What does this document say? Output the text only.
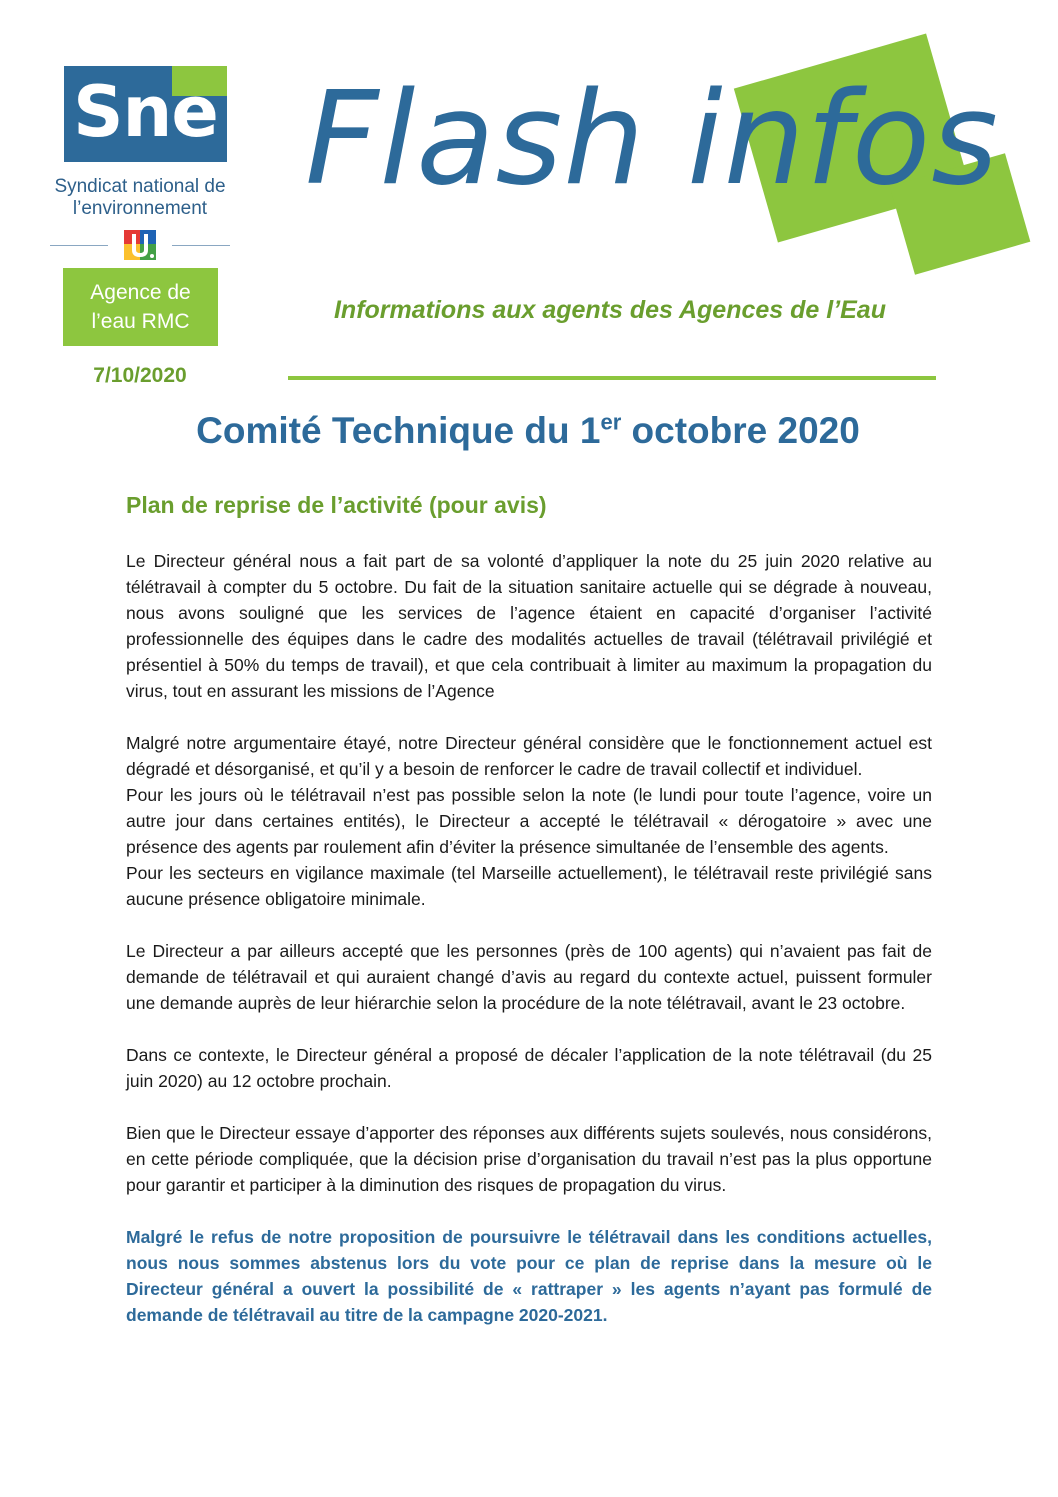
Sne
Syndicat national de
l’environnement
Agence de
l’eau RMC
7/10/2020
Flash infos
Informations aux agents des Agences de l’Eau
Comité Technique du 1er octobre 2020
Plan de reprise de l’activité (pour avis)

Le Directeur général nous a fait part de sa volonté d’appliquer la note du 25 juin 2020 relative au télétravail à compter du 5 octobre. Du fait de la situation sanitaire actuelle qui se dégrade à nouveau, nous avons souligné que les services de l’agence étaient en capacité d’organiser l’activité professionnelle des équipes dans le cadre des modalités actuelles de travail (télétravail privilégié et présentiel à 50% du temps de travail), et que cela contribuait à limiter au maximum la propagation du virus, tout en assurant les missions de l’Agence

Malgré notre argumentaire étayé, notre Directeur général considère que le fonctionnement actuel est dégradé et désorganisé, et qu’il y a besoin de renforcer le cadre de travail collectif et individuel.

Pour les jours où le télétravail n’est pas possible selon la note (le lundi pour toute l’agence, voire un autre jour dans certaines entités), le Directeur a accepté le télétravail « dérogatoire » avec une présence des agents par roulement afin d’éviter la présence simultanée de l’ensemble des agents.

Pour les secteurs en vigilance maximale (tel Marseille actuellement), le télétravail reste privilégié sans aucune présence obligatoire minimale.

Le Directeur a par ailleurs accepté que les personnes (près de 100 agents) qui n’avaient pas fait de demande de télétravail et qui auraient changé d’avis au regard du contexte actuel, puissent formuler une demande auprès de leur hiérarchie selon la procédure de la note télétravail, avant le 23 octobre.

Dans ce contexte, le Directeur général a proposé de décaler l’application de la note télétravail (du 25 juin 2020) au 12 octobre prochain.

Bien que le Directeur essaye d’apporter des réponses aux différents sujets soulevés, nous considérons, en cette période compliquée, que la décision prise d’organisation du travail n’est pas la plus opportune pour garantir et participer à la diminution des risques de propagation du virus.

Malgré le refus de notre proposition de poursuivre le télétravail dans les conditions actuelles, nous nous sommes abstenus lors du vote pour ce plan de reprise dans la mesure où le Directeur général a ouvert la possibilité de « rattraper » les agents n’ayant pas formulé de demande de télétravail au titre de la campagne 2020-2021.
